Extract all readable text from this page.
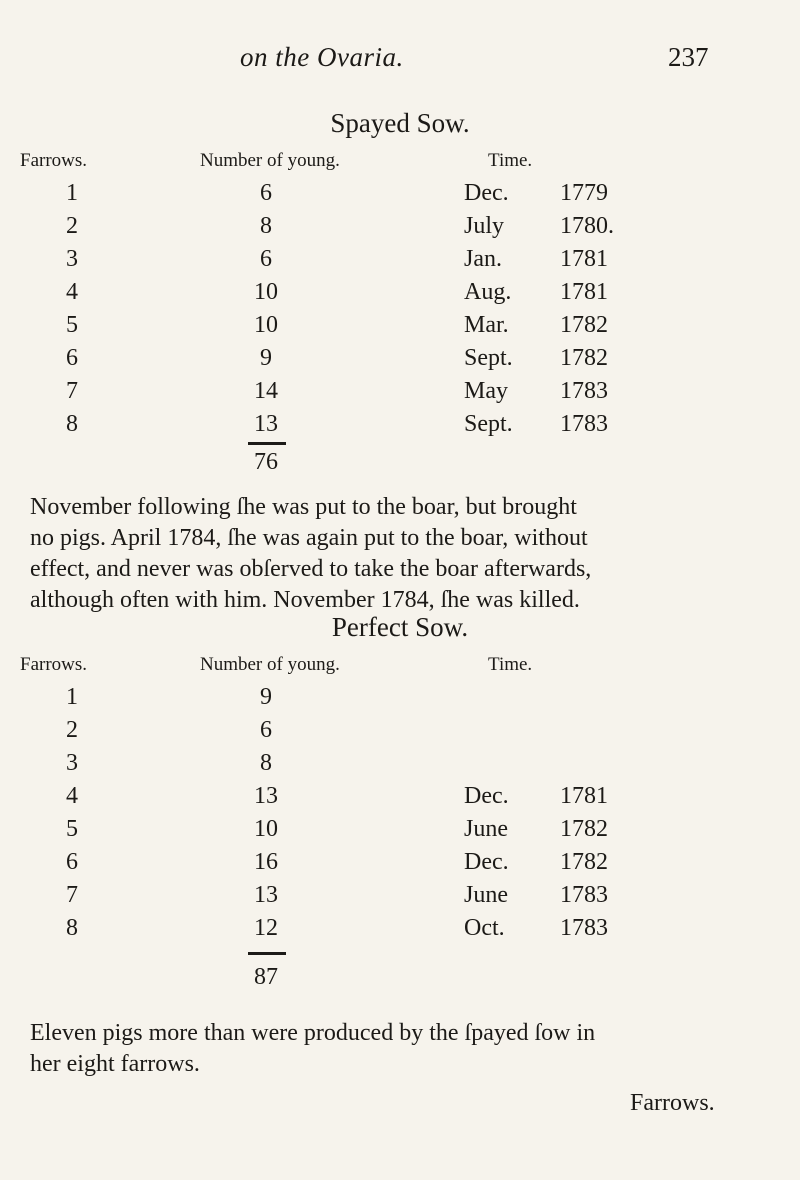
on the Ovaria.	237
Spayed Sow.
Farrows.	Number of young.	Time.
1	6	Dec. 1779
2	8	July 1780.
3	6	Jan. 1781
4	10	Aug. 1781
5	10	Mar. 1782
6	9	Sept. 1782
7	14	May 1783
8	13	Sept. 1783
76
November following ſhe was put to the boar, but brought
no pigs. April 1784, ſhe was again put to the boar, without
effect, and never was obſerved to take the boar afterwards,
although often with him. November 1784, ſhe was killed.
Perfect Sow.
Farrows.	Number of young.	Time.
1	9
2	6
3	8
4	13	Dec. 1781
5	10	June 1782
6	16	Dec. 1782
7	13	June 1783
8	12	Oct. 1783
87
Eleven pigs more than were produced by the ſpayed ſow in
her eight farrows.
Farrows.
